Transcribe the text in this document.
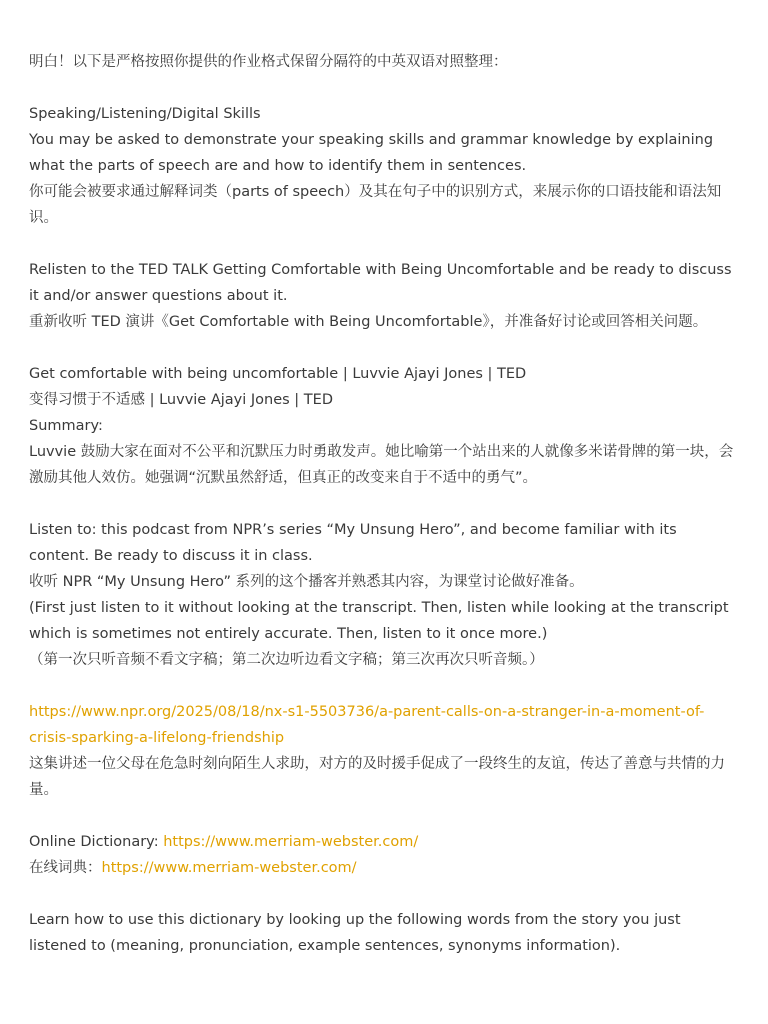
明白！以下是严格按照你提供的作业格式保留分隔符的中英双语对照整理：
Speaking/Listening/Digital Skills
You may be asked to demonstrate your speaking skills and grammar knowledge by explaining what the parts of speech are and how to identify them in sentences.
你可能会被要求通过解释词类（parts of speech）及其在句子中的识别方式，来展示你的口语技能和语法知识。
Relisten to the TED TALK Getting Comfortable with Being Uncomfortable and be ready to discuss it and/or answer questions about it.
重新收听 TED 演讲《Get Comfortable with Being Uncomfortable》，并准备好讨论或回答相关问题。
Get comfortable with being uncomfortable | Luvvie Ajayi Jones | TED
变得习惯于不适感 | Luvvie Ajayi Jones | TED
Summary:
Luvvie 鼓励大家在面对不公平和沉默压力时勇敢发声。她比喻第一个站出来的人就像多米诺骨牌的第一块，会激励其他人效仿。她强调“沉默虽然舒适，但真正的改变来自于不适中的勇气”。
Listen to: this podcast from NPR’s series “My Unsung Hero”, and become familiar with its content. Be ready to discuss it in class.
收听 NPR “My Unsung Hero” 系列的这个播客并熟悉其内容，为课堂讨论做好准备。
(First just listen to it without looking at the transcript. Then, listen while looking at the transcript which is sometimes not entirely accurate. Then, listen to it once more.)
（第一次只听音频不看文字稿；第二次边听边看文字稿；第三次再次只听音频。）
https://www.npr.org/2025/08/18/nx-s1-5503736/a-parent-calls-on-a-stranger-in-a-moment-of-crisis-sparking-a-lifelong-friendship
这集讲述一位父母在危急时刻向陌生人求助，对方的及时援手促成了一段终生的友谊，传达了善意与共情的力量。
Online Dictionary: https://www.merriam-webster.com/
在线词典：https://www.merriam-webster.com/
Learn how to use this dictionary by looking up the following words from the story you just listened to (meaning, pronunciation, example sentences, synonyms information).
